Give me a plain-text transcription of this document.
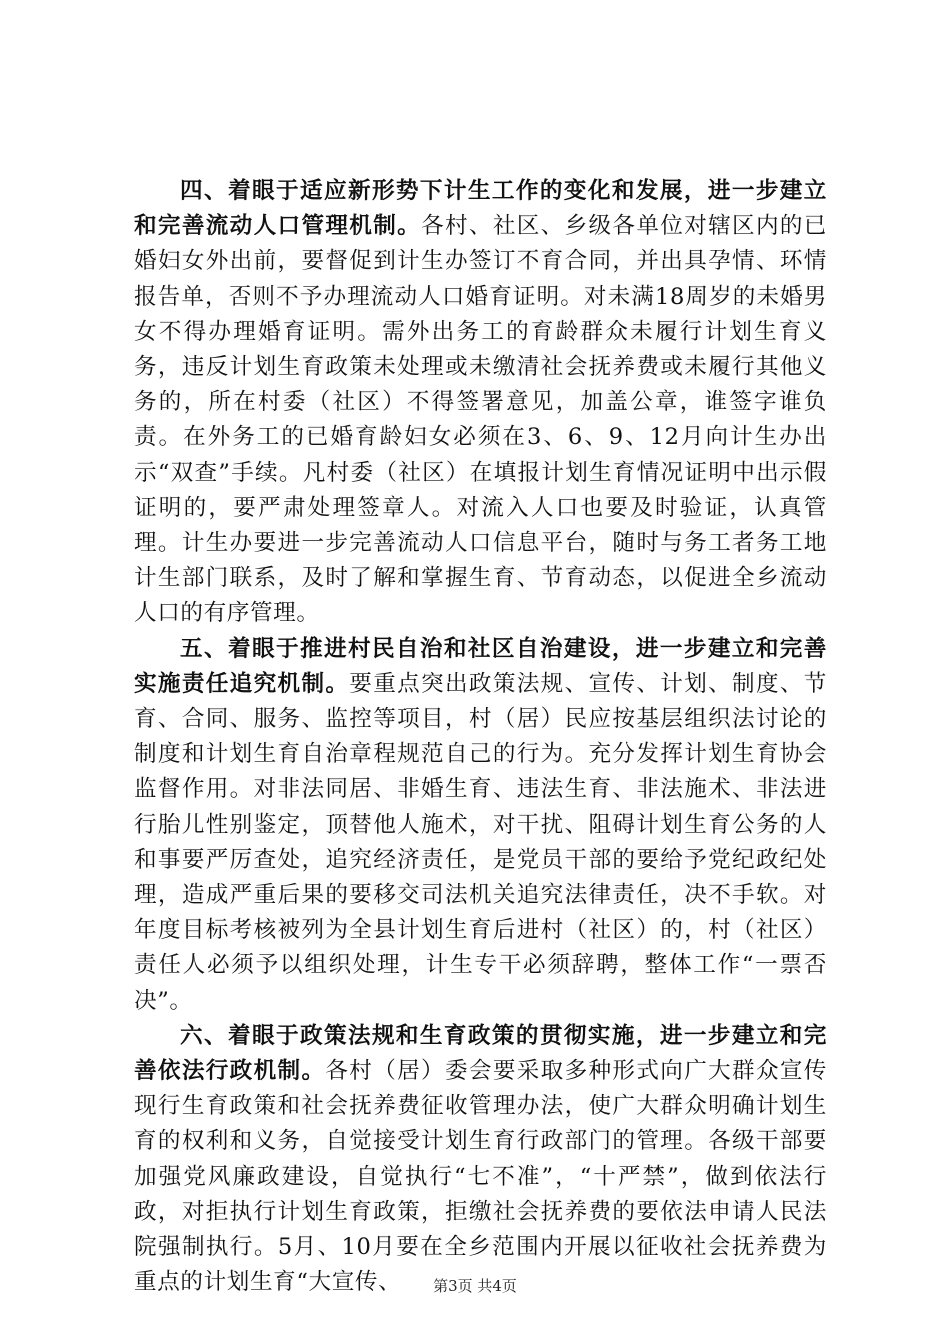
四、着眼于适应新形势下计生工作的变化和发展，进一步建立和完善流动人口管理机制。各村、社区、乡级各单位对辖区内的已婚妇女外出前，要督促到计生办签订不育合同，并出具孕情、环情报告单，否则不予办理流动人口婚育证明。对未满18周岁的未婚男女不得办理婚育证明。需外出务工的育龄群众未履行计划生育义务，违反计划生育政策未处理或未缴清社会抚养费或未履行其他义务的，所在村委（社区）不得签署意见，加盖公章，谁签字谁负责。在外务工的已婚育龄妇女必须在3、6、9、12月向计生办出示“双查”手续。凡村委（社区）在填报计划生育情况证明中出示假证明的，要严肃处理签章人。对流入人口也要及时验证，认真管理。计生办要进一步完善流动人口信息平台，随时与务工者务工地计生部门联系，及时了解和掌握生育、节育动态，以促进全乡流动人口的有序管理。

五、着眼于推进村民自治和社区自治建设，进一步建立和完善实施责任追究机制。要重点突出政策法规、宣传、计划、制度、节育、合同、服务、监控等项目，村（居）民应按基层组织法讨论的制度和计划生育自治章程规范自己的行为。充分发挥计划生育协会监督作用。对非法同居、非婚生育、违法生育、非法施术、非法进行胎儿性别鉴定，顶替他人施术，对干扰、阻碍计划生育公务的人和事要严厉查处，追究经济责任，是党员干部的要给予党纪政纪处理，造成严重后果的要移交司法机关追究法律责任，决不手软。对年度目标考核被列为全县计划生育后进村（社区）的，村（社区）责任人必须予以组织处理，计生专干必须辞聘，整体工作“一票否决”。

六、着眼于政策法规和生育政策的贯彻实施，进一步建立和完善依法行政机制。各村（居）委会要采取多种形式向广大群众宣传现行生育政策和社会抚养费征收管理办法，使广大群众明确计划生育的权利和义务，自觉接受计划生育行政部门的管理。各级干部要加强党风廉政建设，自觉执行“七不准”，“十严禁”，做到依法行政，对拒执行计划生育政策，拒缴社会抚养费的要依法申请人民法院强制执行。5月、10月要在全乡范围内开展以征收社会抚养费为重点的计划生育“大宣传、	第3页 共4页
